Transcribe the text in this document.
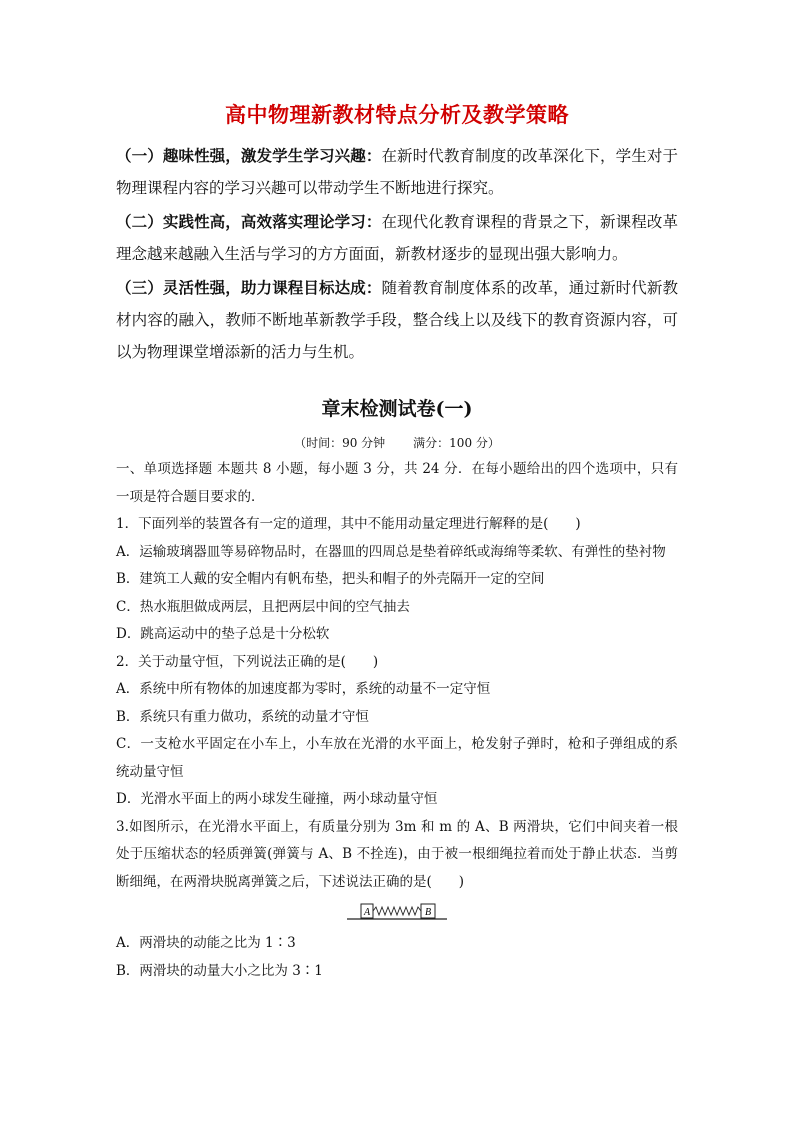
高中物理新教材特点分析及教学策略

（一）趣味性强，激发学生学习兴趣：在新时代教育制度的改革深化下，学生对于物理课程内容的学习兴趣可以带动学生不断地进行探究。

（二）实践性高，高效落实理论学习：在现代化教育课程的背景之下，新课程改革理念越来越融入生活与学习的方方面面，新教材逐步的显现出强大影响力。

（三）灵活性强，助力课程目标达成：随着教育制度体系的改革，通过新时代新教材内容的融入，教师不断地革新教学手段，整合线上以及线下的教育资源内容，可以为物理课堂增添新的活力与生机。

章末检测试卷(一)
（时间：90 分钟 满分：100 分）

一、单项选择题 本题共 8 小题，每小题 3 分，共 24 分．在每小题给出的四个选项中，只有一项是符合题目要求的．

1．下面列举的装置各有一定的道理，其中不能用动量定理进行解释的是(　　)

A．运输玻璃器皿等易碎物品时，在器皿的四周总是垫着碎纸或海绵等柔软、有弹性的垫衬物

B．建筑工人戴的安全帽内有帆布垫，把头和帽子的外壳隔开一定的空间

C．热水瓶胆做成两层，且把两层中间的空气抽去

D．跳高运动中的垫子总是十分松软

2．关于动量守恒，下列说法正确的是(　　)

A．系统中所有物体的加速度都为零时，系统的动量不一定守恒

B．系统只有重力做功，系统的动量才守恒

C．一支枪水平固定在小车上，小车放在光滑的水平面上，枪发射子弹时，枪和子弹组成的系统动量守恒

D．光滑水平面上的两小球发生碰撞，两小球动量守恒

3.如图所示，在光滑水平面上，有质量分别为 3m 和 m 的 A、B 两滑块，它们中间夹着一根处于压缩状态的轻质弹簧(弹簧与 A、B 不拴连)，由于被一根细绳拉着而处于静止状态．当剪断细绳，在两滑块脱离弹簧之后，下述说法正确的是(　　)

A	B

A．两滑块的动能之比为 1∶3

B．两滑块的动量大小之比为 3∶1
